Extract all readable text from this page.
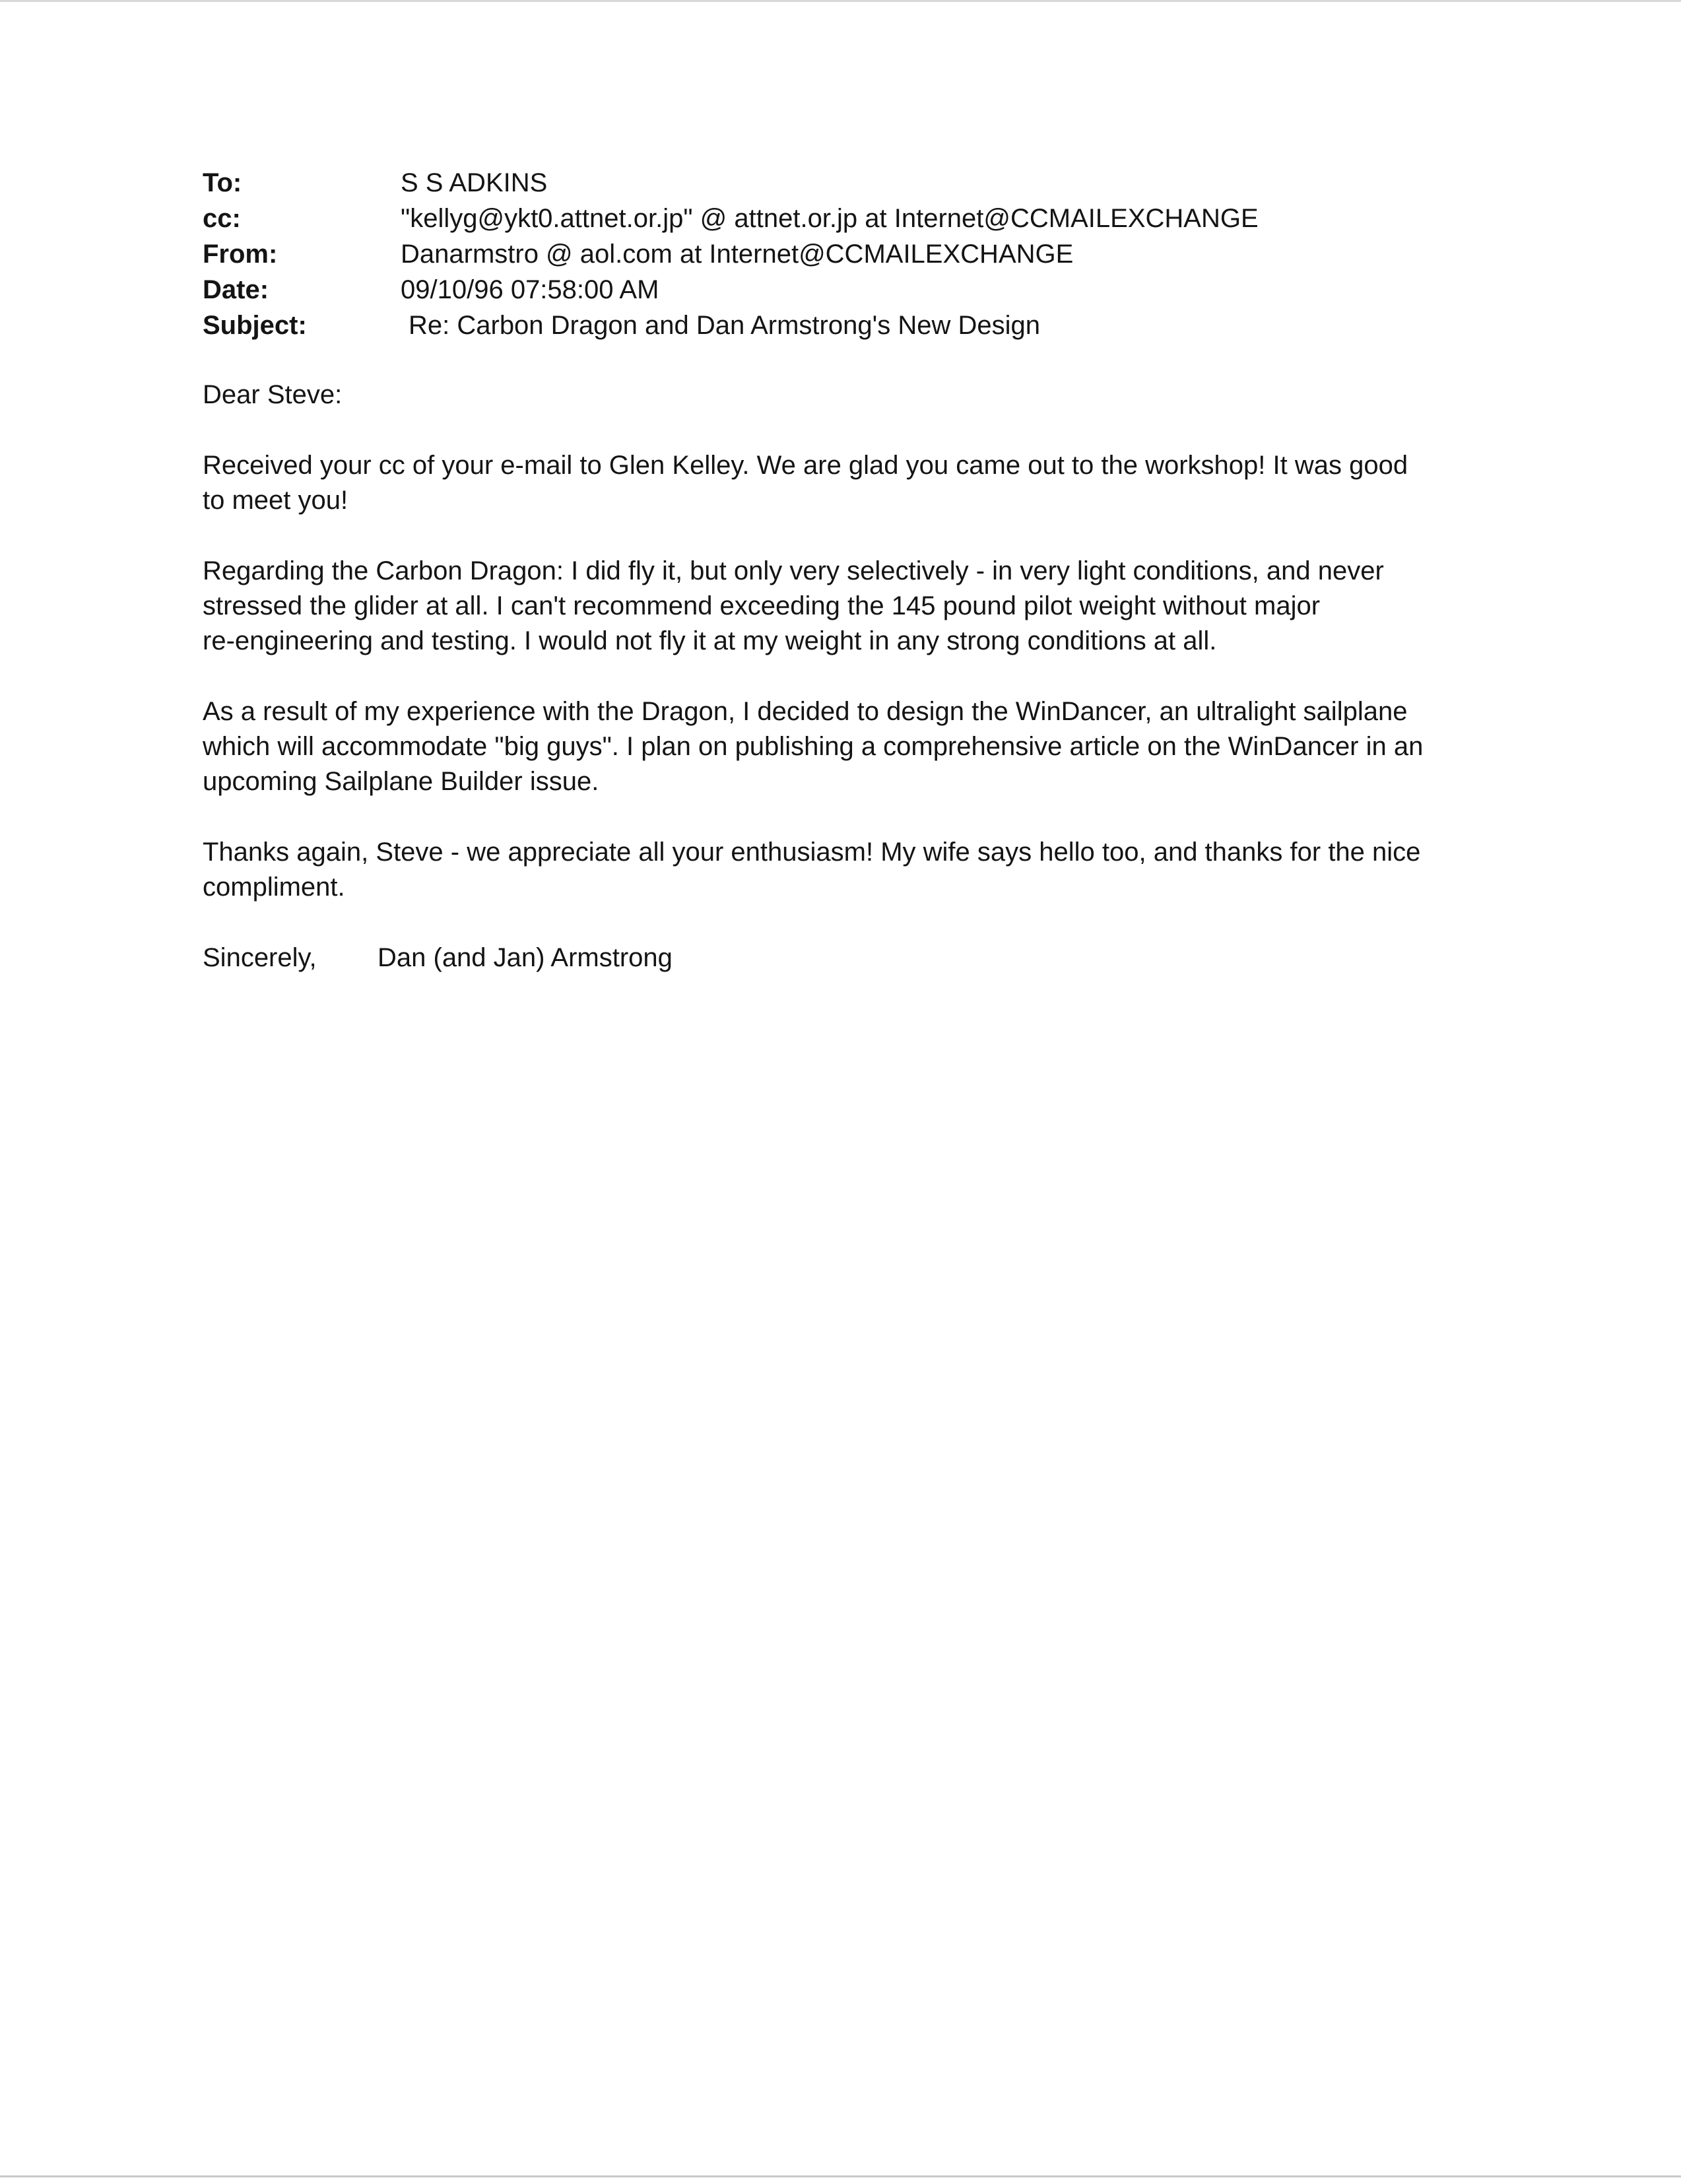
To:	S S ADKINS
cc:	"kellyg@ykt0.attnet.or.jp" @ attnet.or.jp at Internet@CCMAILEXCHANGE
From:	Danarmstro @ aol.com at Internet@CCMAILEXCHANGE
Date:	09/10/96 07:58:00 AM
Subject:	Re: Carbon Dragon and Dan Armstrong's New Design

Dear Steve:

Received your cc of your e-mail to Glen Kelley. We are glad you came out to the workshop! It was good
to meet you!

Regarding the Carbon Dragon: I did fly it, but only very selectively - in very light conditions, and never
stressed the glider at all. I can't recommend exceeding the 145 pound pilot weight without major
re-engineering and testing. I would not fly it at my weight in any strong conditions at all.

As a result of my experience with the Dragon, I decided to design the WinDancer, an ultralight sailplane
which will accommodate "big guys". I plan on publishing a comprehensive article on the WinDancer in an
upcoming Sailplane Builder issue.

Thanks again, Steve - we appreciate all your enthusiasm! My wife says hello too, and thanks for the nice
compliment.

Sincerely, Dan (and Jan) Armstrong
